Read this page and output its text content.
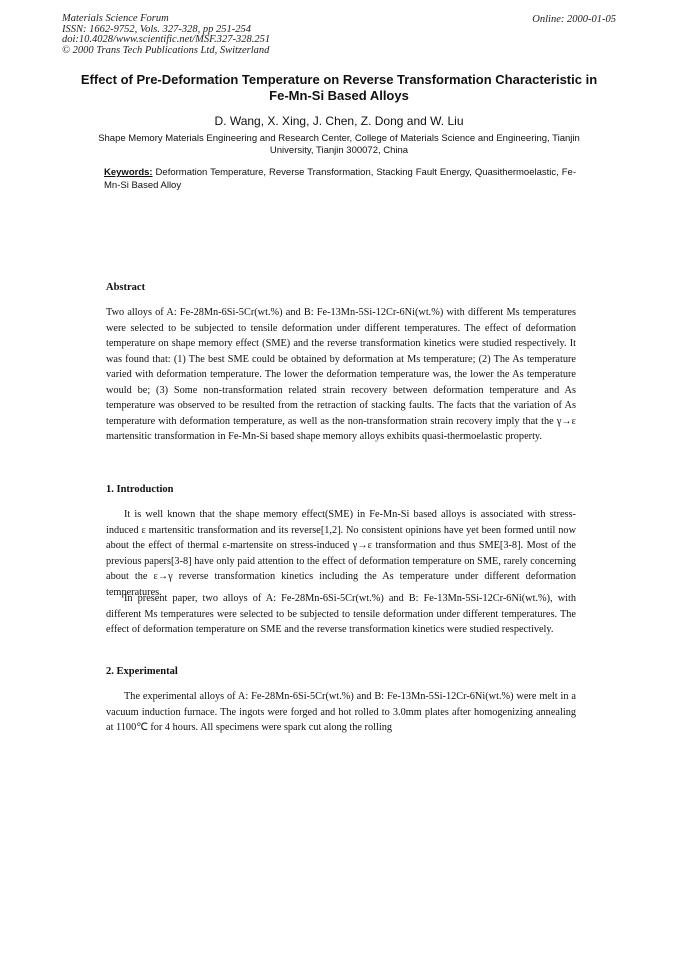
Materials Science Forum
ISSN: 1662-9752, Vols. 327-328, pp 251-254
doi:10.4028/www.scientific.net/MSF.327-328.251
© 2000 Trans Tech Publications Ltd, Switzerland
Online: 2000-01-05
Effect of Pre-Deformation Temperature on Reverse Transformation Characteristic in Fe-Mn-Si Based Alloys
D. Wang, X. Xing, J. Chen, Z. Dong and W. Liu
Shape Memory Materials Engineering and Research Center, College of Materials Science and Engineering, Tianjin University, Tianjin 300072, China
Keywords: Deformation Temperature, Reverse Transformation, Stacking Fault Energy, Quasithermoelastic, Fe-Mn-Si Based Alloy
Abstract

Two alloys of A: Fe-28Mn-6Si-5Cr(wt.%) and B: Fe-13Mn-5Si-12Cr-6Ni(wt.%) with different Ms temperatures were selected to be subjected to tensile deformation under different temperatures. The effect of deformation temperature on shape memory effect (SME) and the reverse transformation kinetics were studied respectively. It was found that: (1) The best SME could be obtained by deformation at Ms temperature; (2) The As temperature varied with deformation temperature. The lower the deformation temperature was, the lower the As temperature would be; (3) Some non-transformation related strain recovery between deformation temperature and As temperature was observed to be resulted from the retraction of stacking faults. The facts that the variation of As temperature with deformation temperature, as well as the non-transformation strain recovery imply that the γ→ε martensitic transformation in Fe-Mn-Si based shape memory alloys exhibits quasi-thermoelastic property.

1. Introduction

It is well known that the shape memory effect(SME) in Fe-Mn-Si based alloys is associated with stress-induced ε martensitic transformation and its reverse[1,2]. No consistent opinions have yet been formed until now about the effect of thermal ε-martensite on stress-induced γ→ε transformation and thus SME[3-8]. Most of the previous papers[3-8] have only paid attention to the effect of deformation temperature on SME, rarely concerning about the ε→γ reverse transformation kinetics including the As temperature under different deformation temperatures.

In present paper, two alloys of A: Fe-28Mn-6Si-5Cr(wt.%) and B: Fe-13Mn-5Si-12Cr-6Ni(wt.%), with different Ms temperatures were selected to be subjected to tensile deformation under different temperatures. The effect of deformation temperature on SME and the reverse transformation kinetics were studied respectively.

2. Experimental

The experimental alloys of A: Fe-28Mn-6Si-5Cr(wt.%) and B: Fe-13Mn-5Si-12Cr-6Ni(wt.%) were melt in a vacuum induction furnace. The ingots were forged and hot rolled to 3.0mm plates after homogenizing annealing at 1100℃ for 4 hours. All specimens were spark cut along the rolling
